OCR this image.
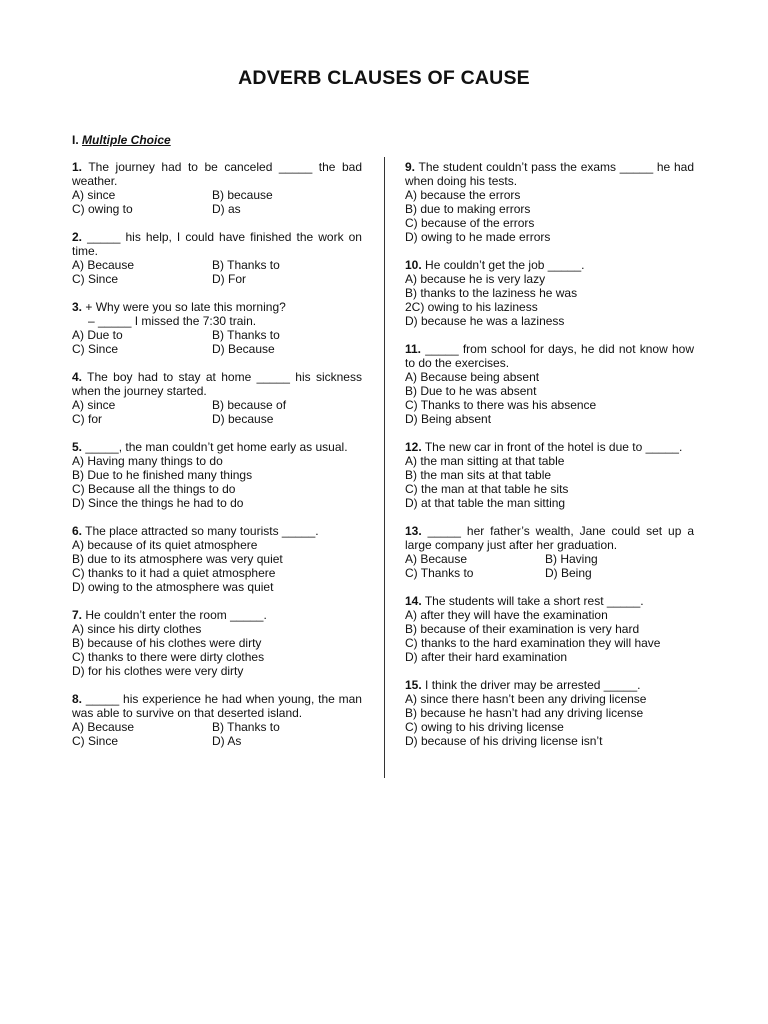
ADVERB CLAUSES OF CAUSE
I. Multiple Choice
1. The journey had to be canceled _____ the bad weather.
A) since	B) because
C) owing to	D) as
2. _____ his help, I could have finished the work on time.
A) Because	B) Thanks to
C) Since	D) For
3. + Why were you so late this morning?
– _____ I missed the 7:30 train.
A) Due to	B) Thanks to
C) Since	D) Because
4. The boy had to stay at home _____ his sickness when the journey started.
A) since	B) because of
C) for	D) because
5. _____, the man couldn’t get home early as usual.
A) Having many things to do
B) Due to he finished many things
C) Because all the things to do
D) Since the things he had to do
6. The place attracted so many tourists _____.
A) because of its quiet atmosphere
B) due to its atmosphere was very quiet
C) thanks to it had a quiet atmosphere
D) owing to the atmosphere was quiet
7. He couldn’t enter the room _____.
A) since his dirty clothes
B) because of his clothes were dirty
C) thanks to there were dirty clothes
D) for his clothes were very dirty
8. _____ his experience he had when young, the man was able to survive on that deserted island.
A) Because	B) Thanks to
C) Since	D) As
9. The student couldn’t pass the exams _____ he had when doing his tests.
A) because the errors
B) due to making errors
C) because of the errors
D) owing to he made errors
10. He couldn’t get the job _____.
A) because he is very lazy
B) thanks to the laziness he was
2C) owing to his laziness
D) because he was a laziness
11. _____ from school for days, he did not know how to do the exercises.
A) Because being absent
B) Due to he was absent
C) Thanks to there was his absence
D) Being absent
12. The new car in front of the hotel is due to _____.
A) the man sitting at that table
B) the man sits at that table
C) the man at that table he sits
D) at that table the man sitting
13. _____ her father’s wealth, Jane could set up a large company just after her graduation.
A) Because	B) Having
C) Thanks to	D) Being
14. The students will take a short rest _____.
A) after they will have the examination
B) because of their examination is very hard
C) thanks to the hard examination they will have
D) after their hard examination
15. I think the driver may be arrested _____.
A) since there hasn’t been any driving license
B) because he hasn’t had any driving license
C) owing to his driving license
D) because of his driving license isn’t
